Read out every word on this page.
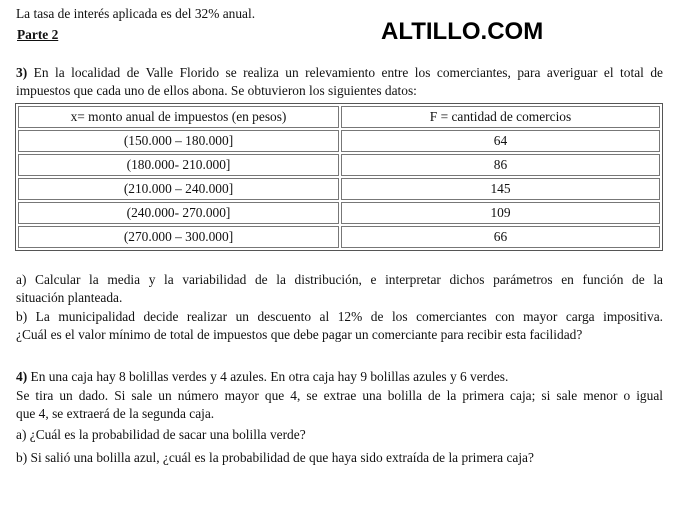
La tasa de interés aplicada es del 32% anual.
Parte 2	ALTILLO.COM

3) En la localidad de Valle Florido se realiza un relevamiento entre los comerciantes, para averiguar el total de

impuestos que cada uno de ellos abona. Se obtuvieron los siguientes datos:

x= monto anual de impuestos (en pesos)	F = cantidad de comercios
(150.000 – 180.000]	64
(180.000- 210.000]	86
(210.000 – 240.000]	145
(240.000- 270.000]	109
(270.000 – 300.000]	66

a) Calcular la media y la variabilidad de la distribución, e interpretar dichos parámetros en función de la

situación planteada.

b) La municipalidad decide realizar un descuento al 12% de los comerciantes con mayor carga impositiva.

¿Cuál es el valor mínimo de total de impuestos que debe pagar un comerciante para recibir esta facilidad?

4) En una caja hay 8 bolillas verdes y 4 azules. En otra caja hay 9 bolillas azules y 6 verdes.

Se tira un dado. Si sale un número mayor que 4, se extrae una bolilla de la primera caja; si sale menor o igual

que 4, se extraerá de la segunda caja.

a) ¿Cuál es la probabilidad de sacar una bolilla verde?
b) Si salió una bolilla azul, ¿cuál es la probabilidad de que haya sido extraída de la primera caja?
